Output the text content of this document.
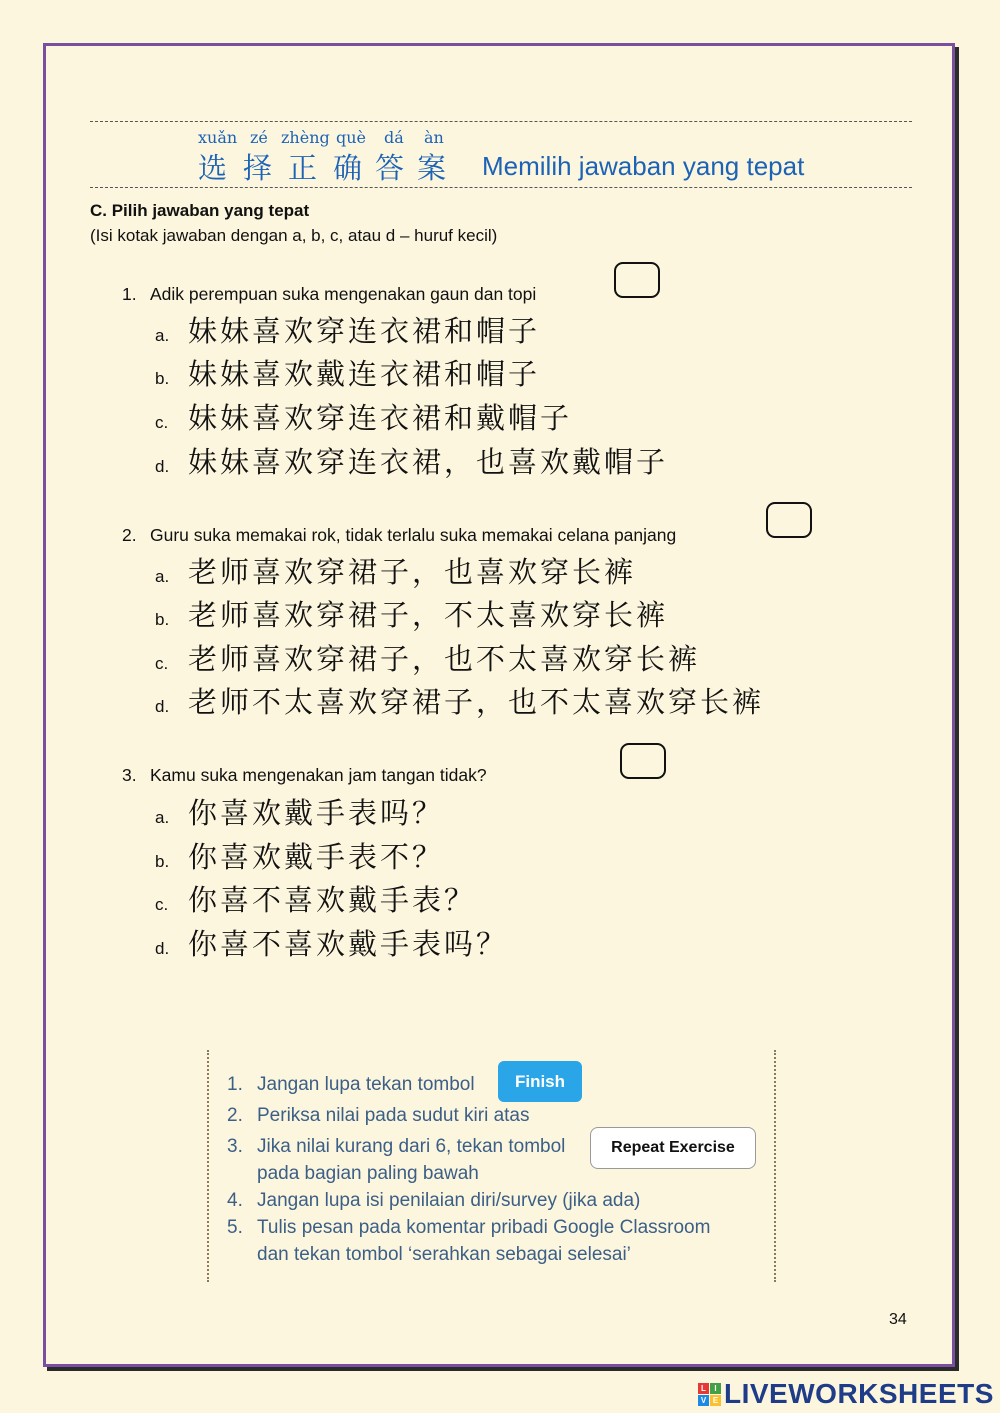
xuǎn zé zhèng què dá àn
选 择 正 确 答 案 Memilih jawaban yang tepat
C. Pilih jawaban yang tepat
(Isi kotak jawaban dengan a, b, c, atau d – huruf kecil)
1. Adik perempuan suka mengenakan gaun dan topi
a. 妹妹喜欢穿连衣裙和帽子
b. 妹妹喜欢戴连衣裙和帽子
c. 妹妹喜欢穿连衣裙和戴帽子
d. 妹妹喜欢穿连衣裙，也喜欢戴帽子
2. Guru suka memakai rok, tidak terlalu suka memakai celana panjang
a. 老师喜欢穿裙子，也喜欢穿长裤
b. 老师喜欢穿裙子，不太喜欢穿长裤
c. 老师喜欢穿裙子，也不太喜欢穿长裤
d. 老师不太喜欢穿裙子，也不太喜欢穿长裤
3. Kamu suka mengenakan jam tangan tidak?
a. 你喜欢戴手表吗？
b. 你喜欢戴手表不？
c. 你喜不喜欢戴手表？
d. 你喜不喜欢戴手表吗？
1. Jangan lupa tekan tombol
2. Periksa nilai pada sudut kiri atas
3. Jika nilai kurang dari 6, tekan tombol
pada bagian paling bawah
4. Jangan lupa isi penilaian diri/survey (jika ada)
5. Tulis pesan pada komentar pribadi Google Classroom
dan tekan tombol ‘serahkan sebagai selesai’
Finish
Repeat Exercise
34
L	I
V E LIVEWORKSHEETS
